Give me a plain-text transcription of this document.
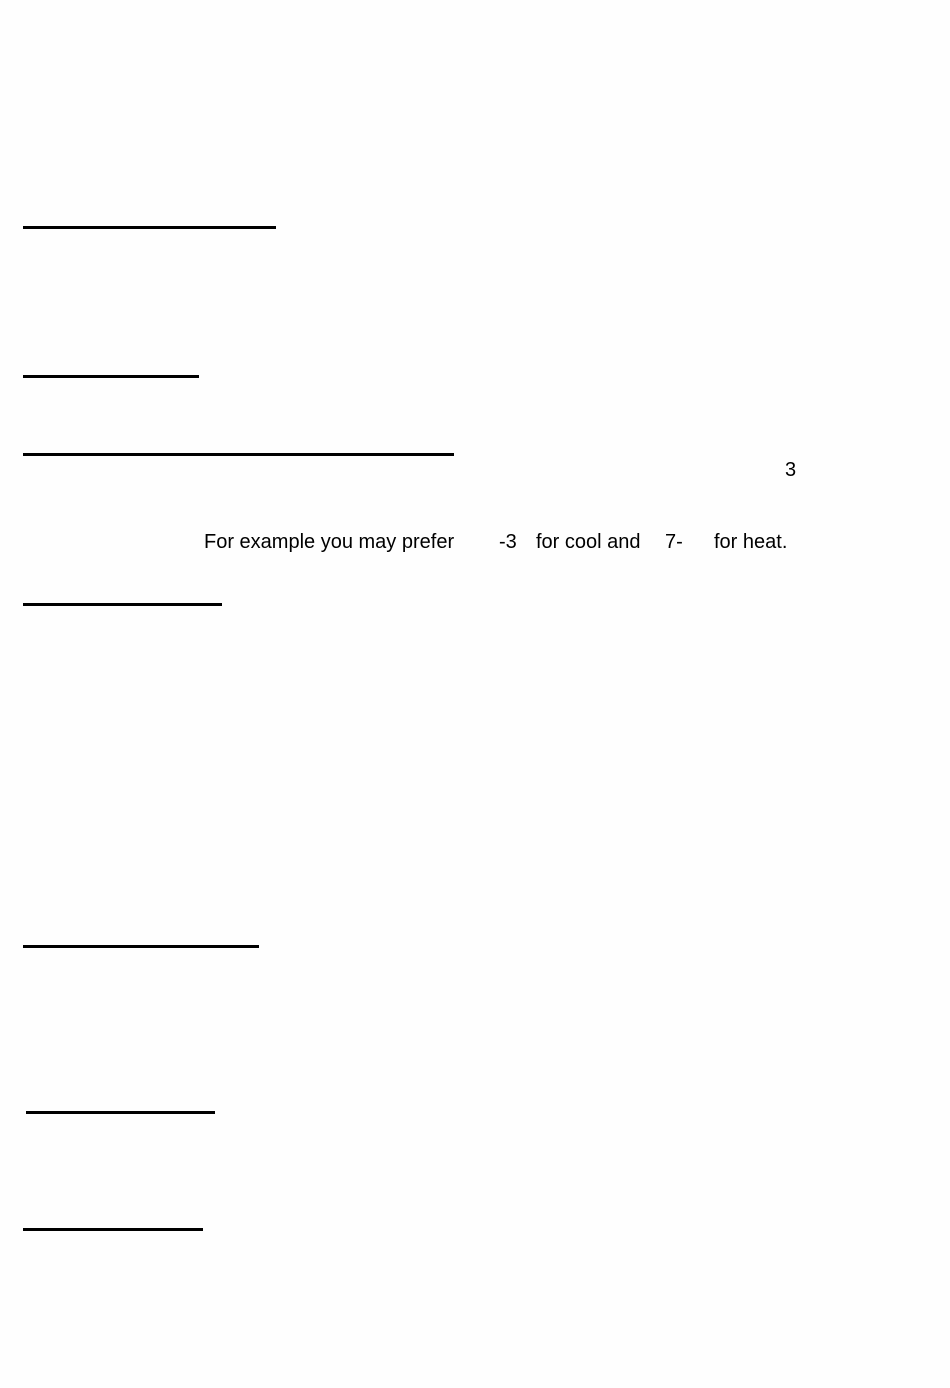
3
For example you may prefer -3 for cool and 7- for heat.
